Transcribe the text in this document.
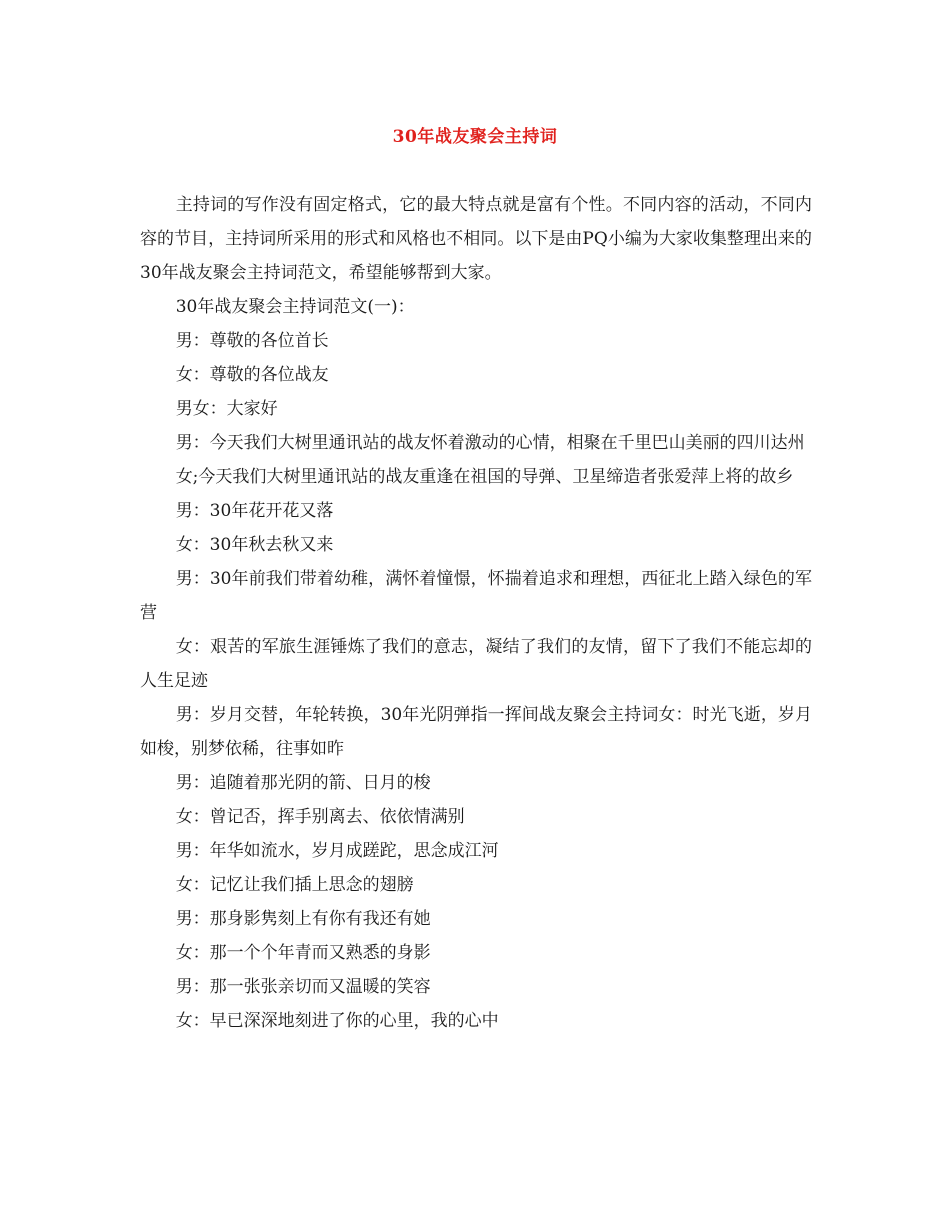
30年战友聚会主持词

主持词的写作没有固定格式，它的最大特点就是富有个性。不同内容的活动，不同内容的节目，主持词所采用的形式和风格也不相同。以下是由PQ小编为大家收集整理出来的30年战友聚会主持词范文，希望能够帮到大家。

30年战友聚会主持词范文(一)：

男：尊敬的各位首长

女：尊敬的各位战友

男女：大家好

男：今天我们大树里通讯站的战友怀着激动的心情，相聚在千里巴山美丽的四川达州

女;今天我们大树里通讯站的战友重逢在祖国的导弹、卫星缔造者张爱萍上将的故乡

男：30年花开花又落

女：30年秋去秋又来

男：30年前我们带着幼稚，满怀着憧憬，怀揣着追求和理想，西征北上踏入绿色的军营

女：艰苦的军旅生涯锤炼了我们的意志，凝结了我们的友情，留下了我们不能忘却的人生足迹

男：岁月交替，年轮转换，30年光阴弹指一挥间战友聚会主持词女：时光飞逝，岁月如梭，别梦依稀，往事如昨

男：追随着那光阴的箭、日月的梭

女：曾记否，挥手别离去、依依情满别

男：年华如流水，岁月成蹉跎，思念成江河

女：记忆让我们插上思念的翅膀

男：那身影隽刻上有你有我还有她

女：那一个个年青而又熟悉的身影

男：那一张张亲切而又温暖的笑容

女：早已深深地刻进了你的心里，我的心中
